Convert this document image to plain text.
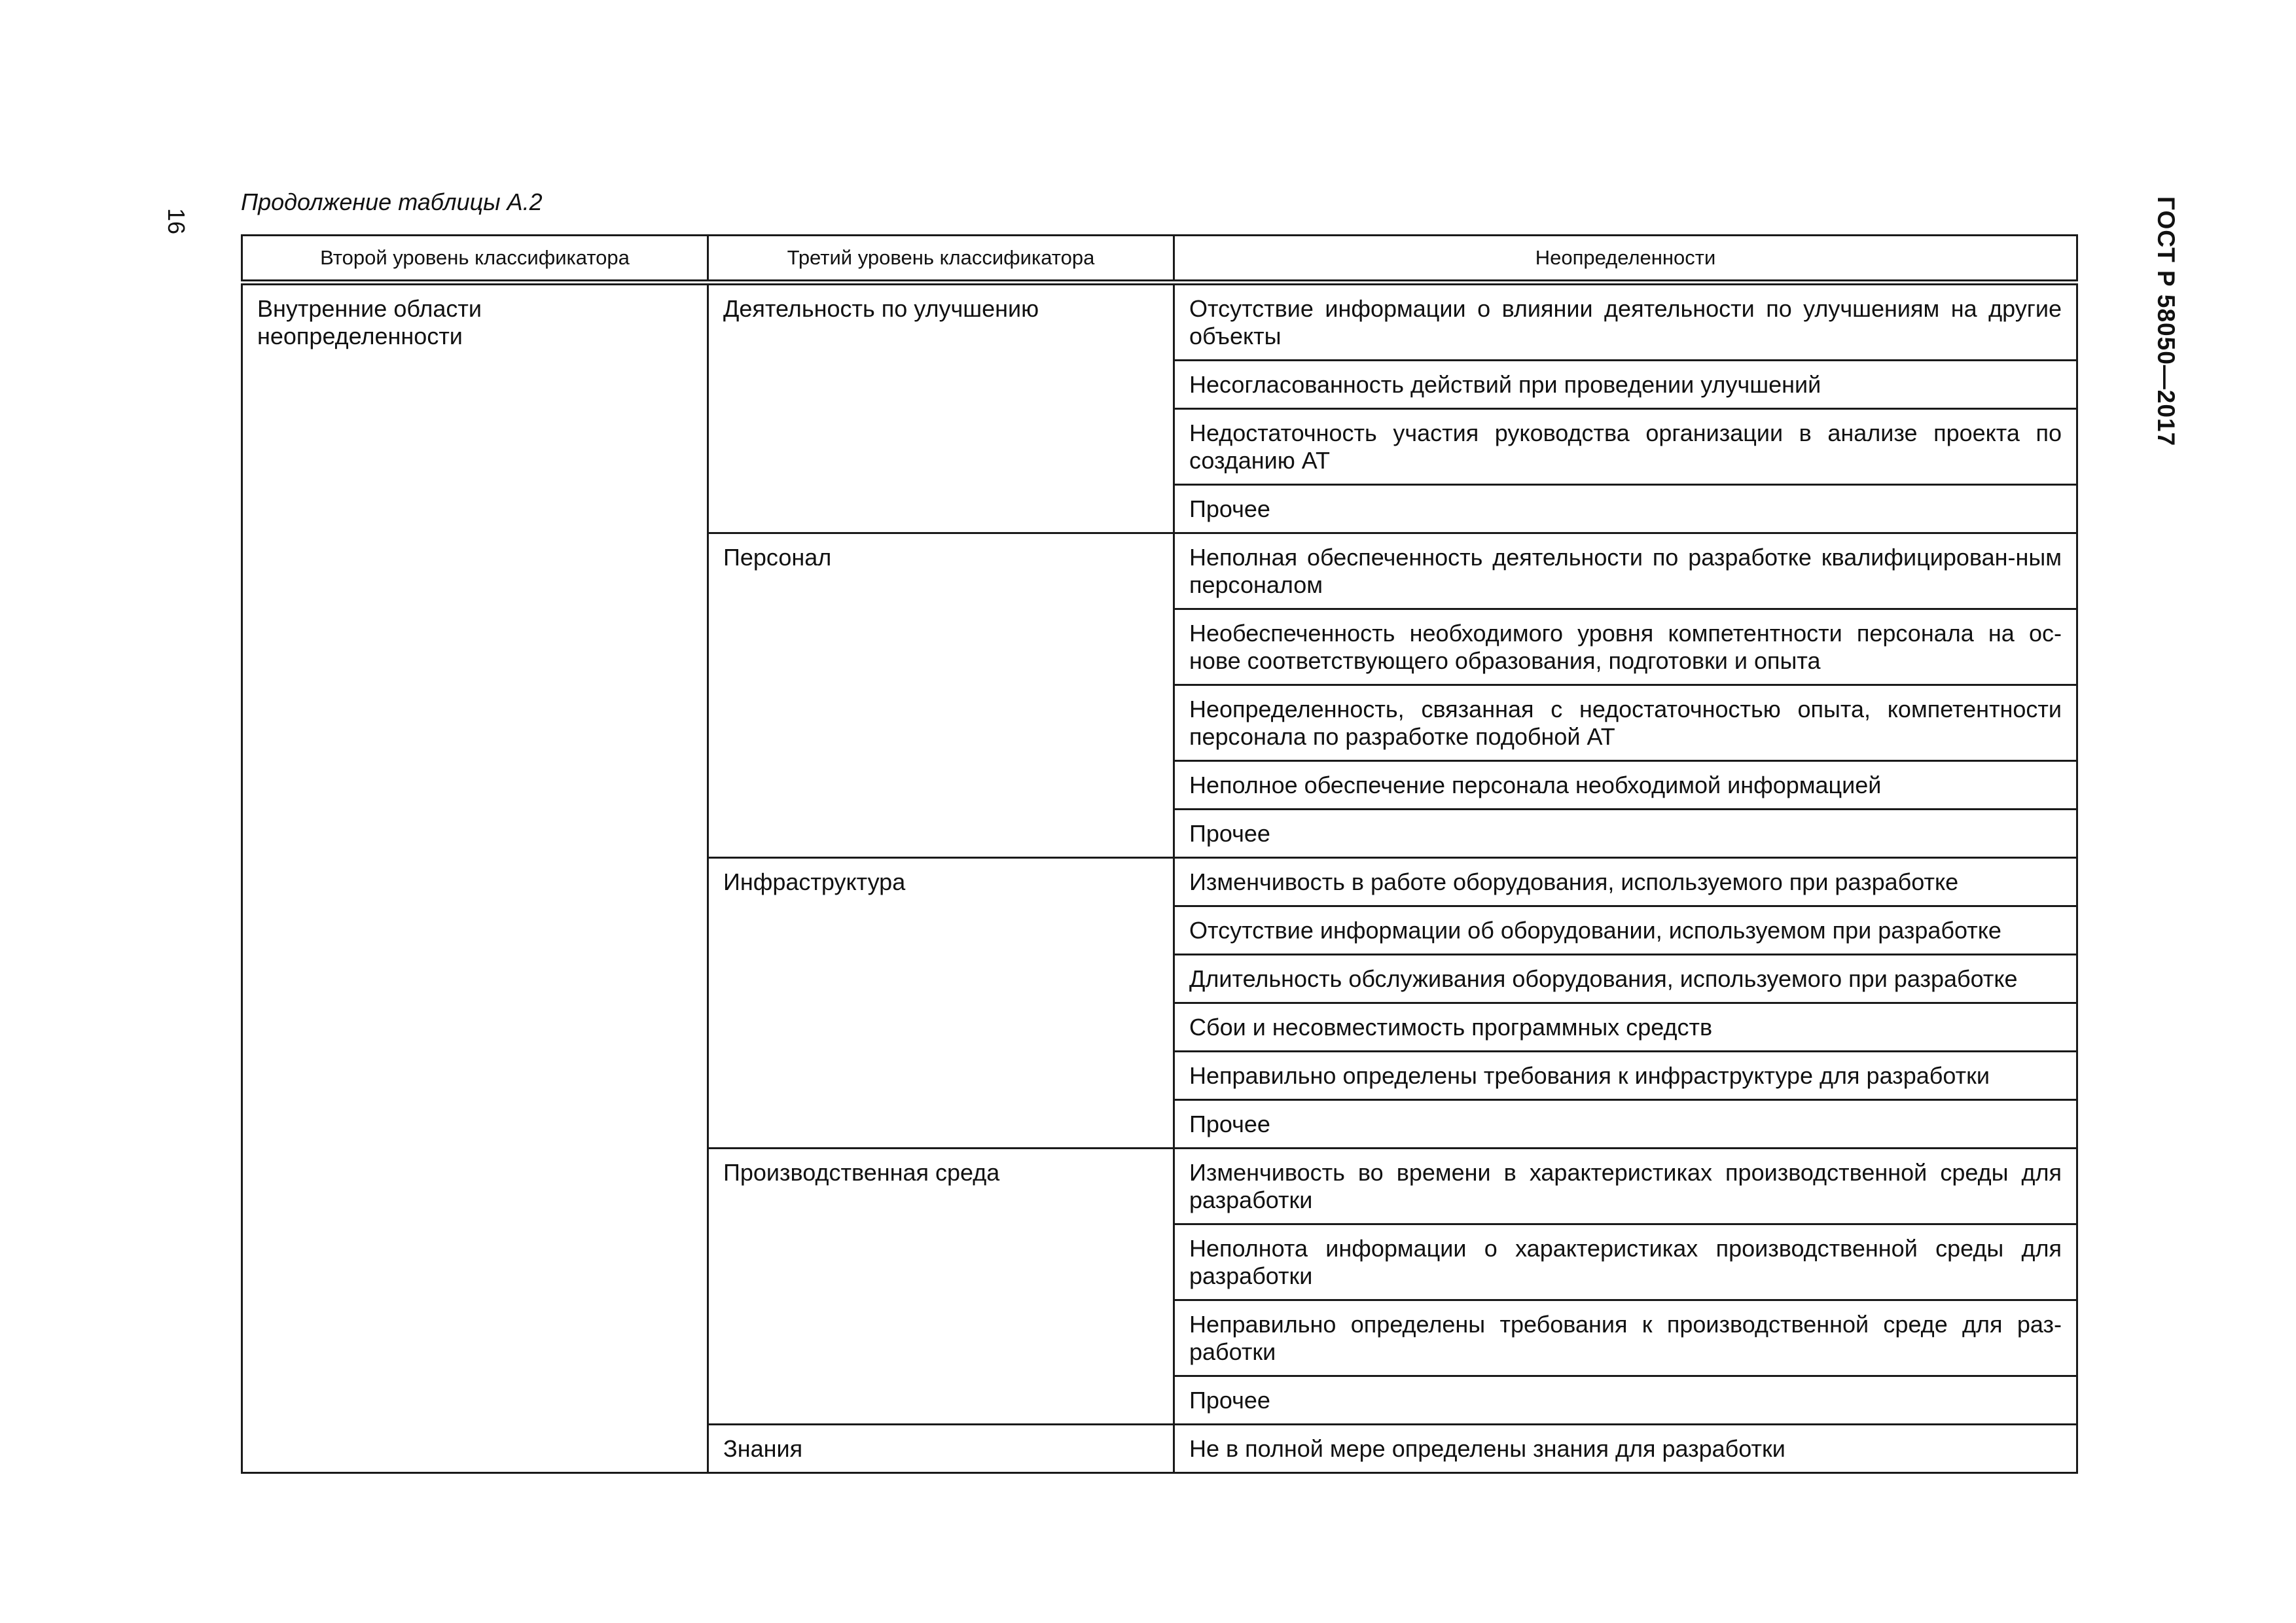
16
Продолжение таблицы А.2	ГОСТ Р 58050—2017
Второй уровень классификатора	Третий уровень классификатора	Неопределенности
Внутренние области неопределенности	Деятельность по улучшению	Отсутствие информации о влиянии деятельности по улучшениям на другие объекты
		Несогласованность действий при проведении улучшений
		Недостаточность участия руководства организации в анализе проекта по созданию АТ
		Прочее
	Персонал	Неполная обеспеченность деятельности по разработке квалифицирован-ным персоналом
		Необеспеченность необходимого уровня компетентности персонала на ос-нове соответствующего образования, подготовки и опыта
		Неопределенность, связанная с недостаточностью опыта, компетентности персонала по разработке подобной АТ
		Неполное обеспечение персонала необходимой информацией
		Прочее
	Инфраструктура	Изменчивость в работе оборудования, используемого при разработке
		Отсутствие информации об оборудовании, используемом при разработке
		Длительность обслуживания оборудования, используемого при разработке
		Сбои и несовместимость программных средств
		Неправильно определены требования к инфраструктуре для разработки
		Прочее
	Производственная среда	Изменчивость во времени в характеристиках производственной среды для разработки
		Неполнота информации о характеристиках производственной среды для разработки
		Неправильно определены требования к производственной среде для раз-работки
		Прочее
	Знания	Не в полной мере определены знания для разработки
